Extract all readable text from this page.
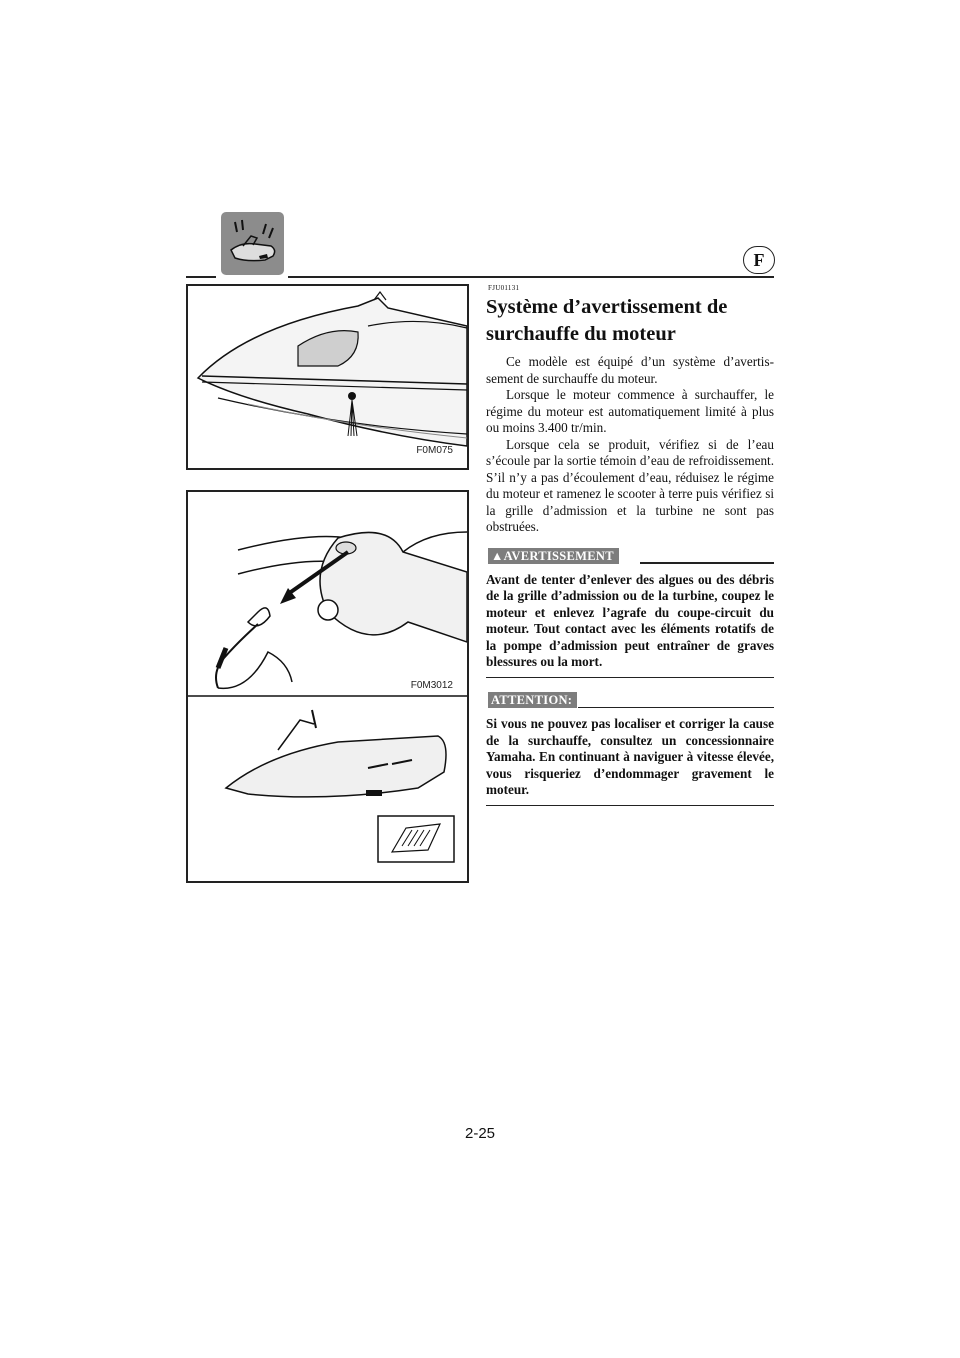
F
F0M075
F0M3012
FJU01131
Système d’avertissement de surchauffe du moteur

Ce modèle est équipé d’un système d’avertissement de surchauffe du moteur.

Lorsque le moteur commence à surchauffer, le régime du moteur est automatiquement limité à plus ou moins 3.400 tr/min.

Lorsque cela se produit, vérifiez si de l’eau s’écoule par la sortie témoin d’eau de refroidissement. S’il n’y a pas d’écoulement d’eau, réduisez le régime du moteur et ramenez le scooter à terre puis vérifiez si la grille d’admission et la turbine ne sont pas obstruées.

▲AVERTISSEMENT

Avant de tenter d’enlever des algues ou des débris de la grille d’admission ou de la turbine, coupez le moteur et enlevez l’agrafe du coupe-circuit du moteur. Tout contact avec les éléments rotatifs de la pompe d’admission peut entraîner de graves blessures ou la mort.

ATTENTION:

Si vous ne pouvez pas localiser et corriger la cause de la surchauffe, consultez un concessionnaire Yamaha. En continuant à naviguer à vitesse élevée, vous risqueriez d’endommager gravement le moteur.

2-25
